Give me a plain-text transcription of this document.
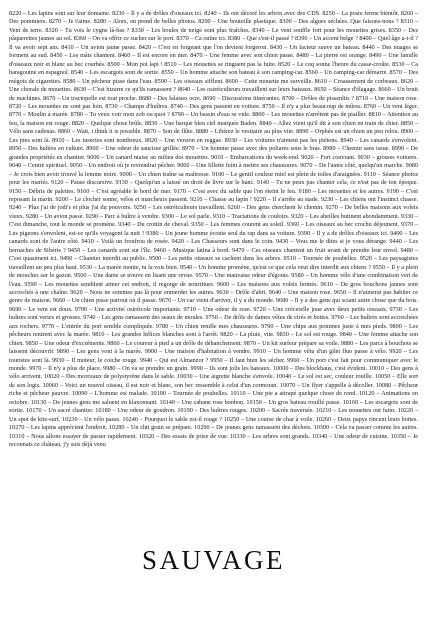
8220 – Les lapins sont sur leur domaine. 8230 – Il y a de drôles d'oiseaux ici. 8240 – Ils ont décoré les arbres avec des CDS. 8250 – La poste ferme bientôt. 8260 – Des pommiers. 8270 – Je t'aime. 8280 – Alors, on prend de belles photos. 8290 – Une bouteille plastique. 8300 – Des algues séchées. Que faisons-nous ? 8310 – Vent de terre. 8320 – Tu vois le cygne là-bas ? 8330 – Les boules de neige sont plus fraîches. 8340 – Le vent souffle fort pour les mouettes grises. 8350 – Des pâquerettes jaunes au sol. 8360 – On va offrir ce sucher sur le port. 8370 – Ca ouïne ici. 8380 – Que s'est-il passé ? 8390 – Un accent belge ? 8400 – Quel âge a-t-il ? Il va avoir sept ans. 8410 – Un avion jaune passe. 8420 – C'est en forgeant que l'on devient forgeron. 8430 – Un facteur sauve un bateau. 8440 – Des nuages se forment au sud. 8450 – Les mâts chantent. 8460 – Il est encore en mer. 8470 – Une femme avec son chien passe. 8480 – La pierre est orange. 8490 – Une famille d'oiseaux noir et blanc au bec courbés. 8500 – Mon pot lapi ! 8510 – Les mouettes se ringuent pas la fuite. 8520 – Le coq sonne l'heure du casse-croûte. 8530 – Ca baragouine en espagnol. 8540 – Les escargots sont de sortie. 8550 – Un homme attache son bateau à son camping-car. 8560 – Un camping-car démarre. 8570 – Des mégots de cigarettes. 8580 – Un pêcheur pisse dans l'eau. 8590 – Les oiseaux sifflent. 8600 – Cette mouette me surveille. 8610 – Croassement de corbeaux. 8620 – Une chorale de mouettes. 8630 – C'est bizarre ce qu'ils ramassent ? 8640 – Les ostréiculteurs travaillent sur leurs bateaux. 8650 – Séance d'élagage. 8660 – Un bruit de machines. 8670 – Un tractopelle est tout proche. 8680 – Des falaises ocre. 8690 – Discussions itinérantes. 8700 – Drôles de pissenlits ? 8710 – Une maison rose. 8720 – Les mouettes ne sont pas loin. 8730 – Champs d'huîtres. 8740 – Des gens passent en voiture. 8750 – Il n'y a plus beaucoup de mûres. 8760 – Un vent léger. 8770 – Moulin à marée. 8780 – Tu veux voir mon zob ou quoi ? 8790 – Un bassin d'eau se vide. 8800 – Les mouettes n'arrêtent pas de piailler. 8810 – Attention au feu, la maison est rouge. 8820 – Quelque chose brûle. 8830 – Une barque bleu ciel marquée Baden. 8840 – Allez vient qu'il dit à son chien en train de chier. 8850 – Vélo sans cadenas. 8860 – Wait, i think it is possible. 8870 – Son de flûte. 8880 – Libérez le vestiaire au plus vite. 8890 – Orphée est un chien un peu relou. 8900 – Les pies sont là. 8910 – Les insectes sont nombreux. 8920 – Une version en reggae. 8930 – Les voitures n'aiment pas les piétons. 8940 – Les canards s'envolent. 8950 – Des huîtres en culture. 8960 – Une odeur de saucisse grillée. 8970 – Un homme passe avec des poliares sous le bras. 8980 – Chemin sans issue. 8990 – De grandes propriétés en chantier. 9000 – Un canard niaise au milieu des mouettes. 9010 – Embarcations du week-end. 9020 – Fort couvrant. 9030 – grosses voitures. 9040 – Centre spirituel. 9050 – Un endroit où je reviendrai pécher. 9060 – Une fillette feint à mettre ses chaussures. 9070 – De l'autre côté, quelqu'un marche. 9080 – Je crois bien avoir trouvé la femme noire. 9090 – Un chien traîne sa maîtresse. 9100 – Le gentil couleur miel est plein de toiles d'araignées. 9110 – Séance photos pour les mariés. 9120 – Pause discursive. 9130 – Quelqu'un a laissé un droit de livre sur le banc. 9140 – Tu ne peux pas chanter cela, ce n'est pas de ton époque. 9150 – Débris de palettes. 9160 – C'est agréable le bord de mer. 9170 – C'est avec du sable que l'on éteint le feu. 9180 – Les mouettes et les autres. 9190 – C'est reposant la marin. 9200 – Le clocher sonne, vélos et marcheurs passent. 9210 – Chasse au lapin ! 9220 – Il s'arrête au stade. 9230 – Les chiens ont l'instinct chasse. 9240 – Plus j'ai de jodi's et plus j'ai du pouvoirs. 9250 – Les ostréiculteurs travaillent. 9260 – Des gens cherchent le chemin. 9270 – De belles maisons aux volets vieux. 9280 – Un avion passe. 9290 – Parc à huître à vendre. 9300 – Le sol parle. 9310 – Tractations de couloirs. 9320 – Les abeilles butinent abondamment. 9330 – C'est dimanche, tout le monde se promène. 9340 – Du crottin de cheval. 9350 – Les femmes courent au soleil. 9360 – Les oiseaux au bec crochu déjeunent. 9370 – Les pigeons s'envolent, est-ce qu'ils voyagent la nuit ? 9380 – Un jeune homme écoute seul du rap dans sa voiture. 9390 – Il y a de drôles d'oiseaux ici. 9400 – Les canards sont de l'autre côté. 9410 – Voilà un froufrou de rosée. 9420 – Les Chasseurs sont dans le coin. 9430 – Vous me le dites si je vous dérange. 9440 – Les bernaches de Sibérie ? 9450 – Les canards sont sur l'île. 9460 – Musique latina à bord. 9470 – Ces oiseaux chantent un fruit avant de prendre leur envol. 9480 – C'est quasiment ici. 9490 – Chantier interdit au public. 9500 – Les petits oiseaux se cachent dans les arbres. 9510 – Tournée de poubelles. 9520 – Les paysagistes travaillent un peu plus haut. 9530 – La marée monte, tu la vois bien. 9540 – Un homme promène, qu'est ce que cela veut dire interdit aux chiens ? 9550 – Il y a plein de mouches sur le gazon. 9560 – Une dame se trouve en lisant une revue. 9570 – Une mauvaise odeur d'égouts. 9580 – Un homme vélo d'une combinaison vert de l'eau. 9590 – Les mouettes semblent aimer cet endroit, il regorge de nourriture. 9600 – Les maisons aux volets fermés. 9610 – De gros bouchons jaunes sont accrochés à une chaîne. 9620 – Nous ne sommes pas là pour enmerder les autres. 9630 – Drôle d'abri. 9640 – Une maison rose. 9650 – Il n'aimerai pas habiter ce genre de maison. 9660 – Un chien pisse partout où il passe. 9670 – Un car vient d'arriver, il y a du monde. 9680 – Il y a des gens qui sciant autre chose que du bois. 9690 – Le vent est doux. 9700 – Une activité ostréicole importante. 9710 – Une odeur de rose. 9720 – Une crécerelle joue avec deux petits oiseaux. 9730 – Les huîtres sont vertes et grosses. 9740 – Les gens ramassent des seaux de moules. 9750 – De drôle de dames vêtus de cirés et bottes. 9760 – Les huîtres sont accrochées aux rochers. 9770 – L'entrée du port semble compliquée. 9780 – Un chien renifle mes chaussures. 9790 – Une chips aux pommes juste à mes pieds. 9800 – Les pêcheurs rentrent avec la marée. 9810 – Les grandes hélices blanches sont à l'arrêt. 9820 – La pluie, vite. 9830 – Le sol est rouge. 9840 – Une femme attache son chien. 9850 – Une odeur d'excréments. 9860 – Le coureur à pied a un drôle de déhanchement. 9870 – Un kit surfeur prépare sa voile. 9880 – Les parcs à bouchots se laissent découvrir. 9890 – Les gens vont à la marée. 9900 – Une maison d'habitation à vendre. 9910 – Un homme vêtu d'un gilet fluo passe à vélo. 9920 – Les touristes sont là. 9930 – Il moteur, le coiche rouge. 9940 – Qui est Almanzor ? 9950 – Il faut bien les sécher. 9960 – Un port c'est fait pour communiquer avec le monde. 9970 – Il n'y a plus de place. 9980 – On va se prendre un grain. 9990 – Ils sont jolis les bateaux. 10000 – Des blockhaus, c'est évident. 10010 – Des gens à vélo arrivent. 10020 – Des morceaux de polystyrène dans le sable. 10030 – Une aigrette blanche s'envole. 10040 – Le sol est sec, couleur rouille. 10050 – Elle sort de son logis. 10060 – Voici un nouvel oiseau, il est noir et blanc, son bec ressemble à celui d'un cormoran. 10070 – Un flyer s'appelle à décoller. 10080 – Pêcheur riche et pêcheur pauvre. 10090 – L'homme est malade. 10100 – Tournée de poubelles. 10110 – Une pie a attrapé quelque chose de rond. 10120 – Animations en octobre. 10130 – De jeunes gens me saluent en klaxonnant. 10140 – Une cabane rose bonbon. 10150 – Un gros bateau rouillé passe. 10160 – Les escargots sont de sortie. 10170 – Un sacré chantier. 10180 – Une odeur de goudron. 10190 – Des huîtres rouges. 10200 – Sacrée traversée. 10210 – Les mouettes ont faim. 10220 – Un spot de kite-surf. 10230 – Un vélo passe. 10240 – Pourquoi le sable est-il rouge ? 10250 – Une course de char à voile. 10260 – Deux papys rincent leurs bottes. 10270 – Les lapins apprécient l'endroit. 10280 – Un chti grain se prépare. 10290 – De jeunes gens ramassent des déchets. 10300 – Cela va passer comme les autres. 10310 – Nous allons essayer de passer rapidement. 10320 – Des essais de prise de vue. 10330 – Les arbres sont grands. 10340 – Une odeur de cuisine. 10350 – Je reconnais ce château, j'y suis déjà venu
SAUVAGE
